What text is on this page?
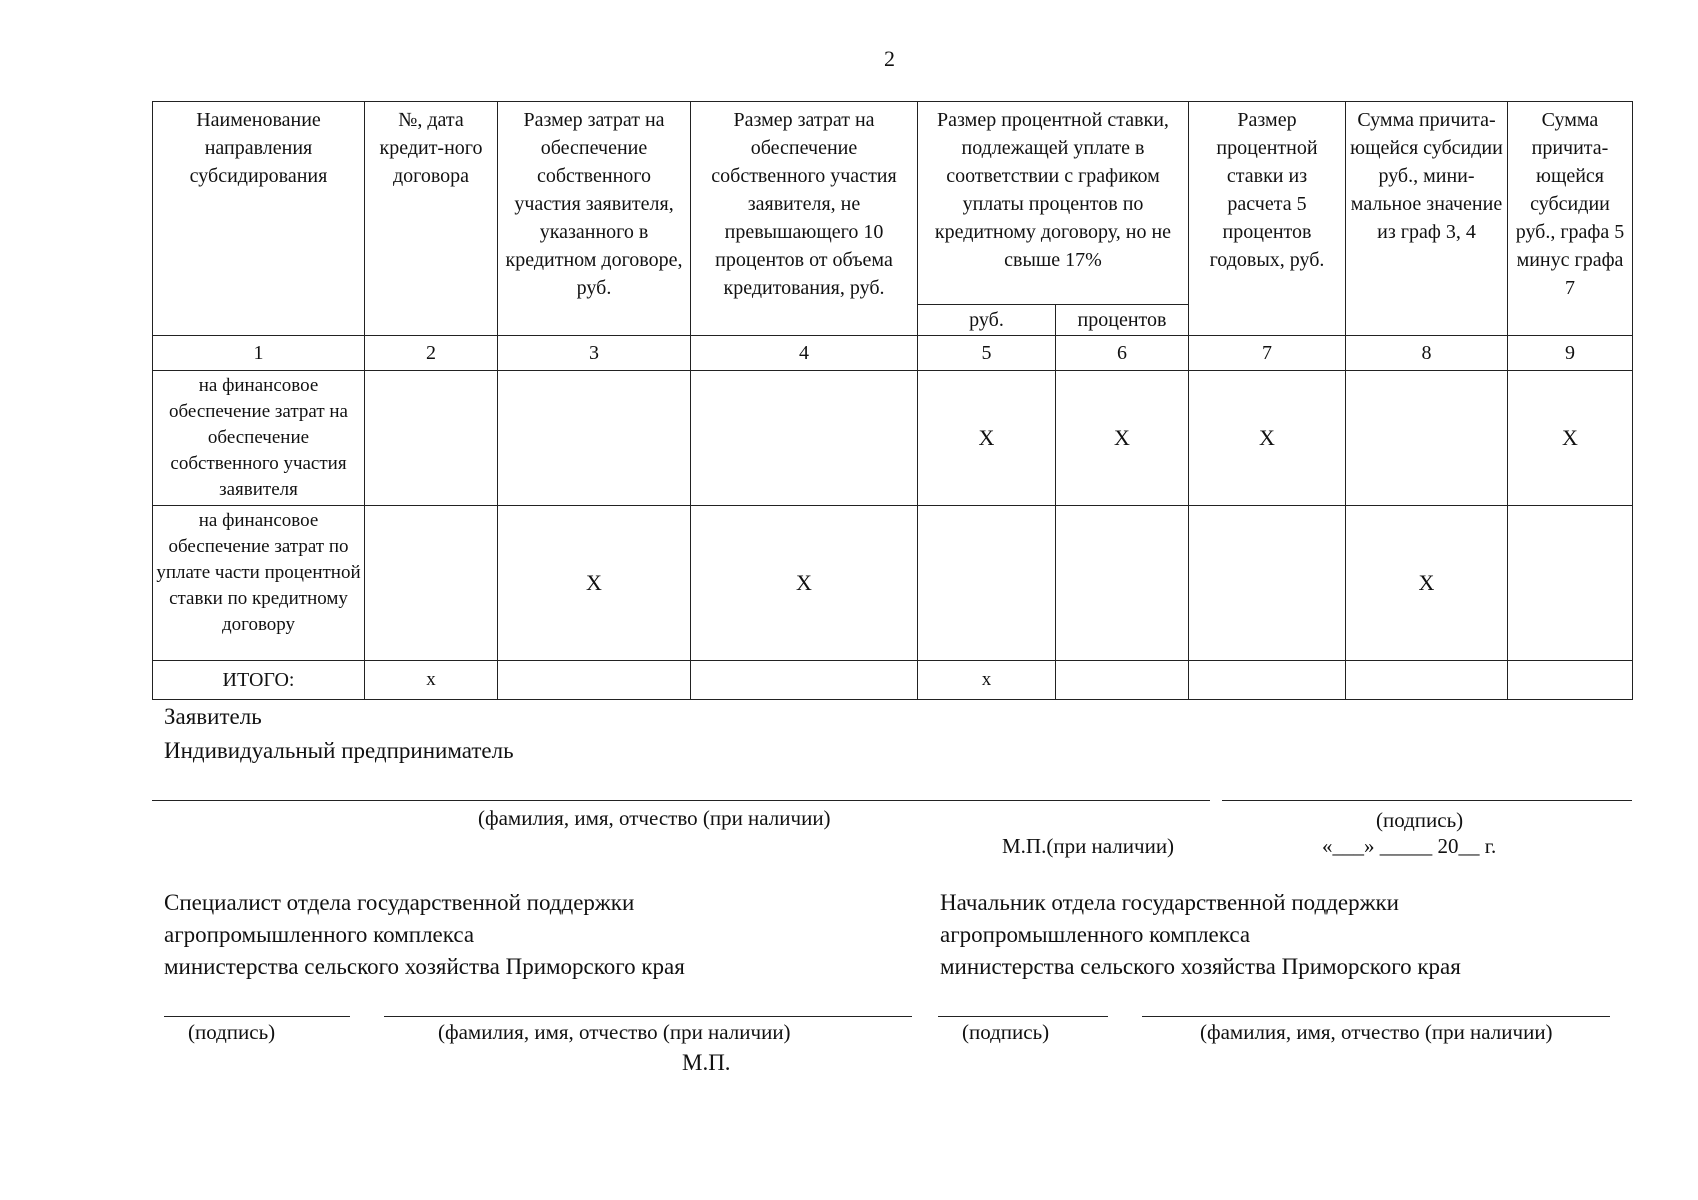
2
Наименование направления субсидирования	№, дата кредит-ного договора	Размер затрат на обеспечение собственного участия заявителя, указанного в кредитном договоре, руб.	Размер затрат на обеспечение собственного участия заявителя, не превышающего 10 процентов от объема кредитования, руб.	Размер процентной ставки, подлежащей уплате в соответствии с графиком уплаты процентов по кредитному договору, но не свыше 17%		Размер процентной ставки из расчета 5 процентов годовых, руб.	Сумма причита-ющейся субсидии руб., мини-мальное значение из граф 3, 4	Сумма причита-ющейся субсидии руб., графа 5 минус графа 7
				руб.	процентов			
1	2	3	4	5	6	7	8	9
на финансовое обеспечение затрат на обеспечение собственного участия заявителя				X	X	X		X
на финансовое обеспечение затрат по уплате части процентной ставки по кредитному договору		X	X				X	
ИТОГО:	x			x				
Заявитель
Индивидуальный предприниматель
(фамилия, имя, отчество (при наличии)	(подпись)
М.П.(при наличии)	«___» _____ 20__ г.
Специалист отдела государственной поддержки
агропромышленного комплекса
министерства сельского хозяйства Приморского края
(подпись)	(фамилия, имя, отчество (при наличии)
М.П.
Начальник отдела государственной поддержки
агропромышленного комплекса
министерства сельского хозяйства Приморского края
(подпись)	(фамилия, имя, отчество (при наличии)
